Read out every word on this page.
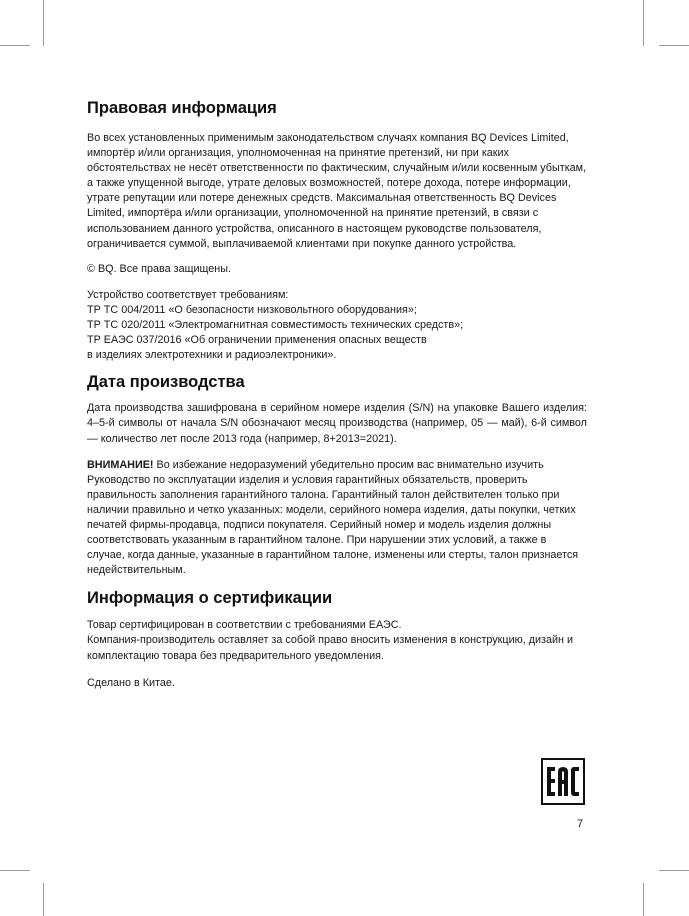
Правовая информация

Во всех установленных применимым законодательством случаях компания BQ Devices Limited, импортёр и/или организация, уполномоченная на принятие претензий, ни при каких обстоятельствах не несёт ответственности по фактическим, случайным и/или косвенным убыткам, а также упущенной выгоде, утрате деловых возможностей, потере дохода, потере информации, утрате репутации или потере денежных средств. Максимальная ответственность BQ Devices Limited, импортёра и/или организации, уполномоченной на принятие претензий, в связи с использованием данного устройства, описанного в настоящем руководстве пользователя, ограничивается суммой, выплачиваемой клиентами при покупке данного устройства.

© BQ. Все права защищены.

Устройство соответствует требованиям:

ТР ТС 004/2011 «О безопасности низковольтного оборудования»;

ТР ТС 020/2011 «Электромагнитная совместимость технических средств»;

ТР ЕАЭС 037/2016 «Об ограничении применения опасных веществ

в изделиях электротехники и радиоэлектроники».

Дата производства

Дата производства зашифрована в серийном номере изделия (S/N) на упаковке Вашего изделия: 4–5-й символы от начала S/N обозначают месяц производства (например, 05 — май), 6-й символ — количество лет после 2013 года (например, 8+2013=2021).

ВНИМАНИЕ! Во избежание недоразумений убедительно просим вас внимательно изучить Руководство по эксплуатации изделия и условия гарантийных обязательств, проверить правильность заполнения гарантийного талона. Гарантийный талон действителен только при наличии правильно и четко указанных: модели, серийного номера изделия, даты покупки, четких печатей фирмы-продавца, подписи покупателя. Серийный номер и модель изделия должны соответствовать указанным в гарантийном талоне. При нарушении этих условий, а также в случае, когда данные, указанные в гарантийном талоне, изменены или стерты, талон признается недействительным.

Информация о сертификации

Товар сертифицирован в соответствии с требованиями ЕАЭС.

Компания-производитель оставляет за собой право вносить изменения в конструкцию, дизайн и комплектацию товара без предварительного уведомления.

Сделано в Китае.

7
